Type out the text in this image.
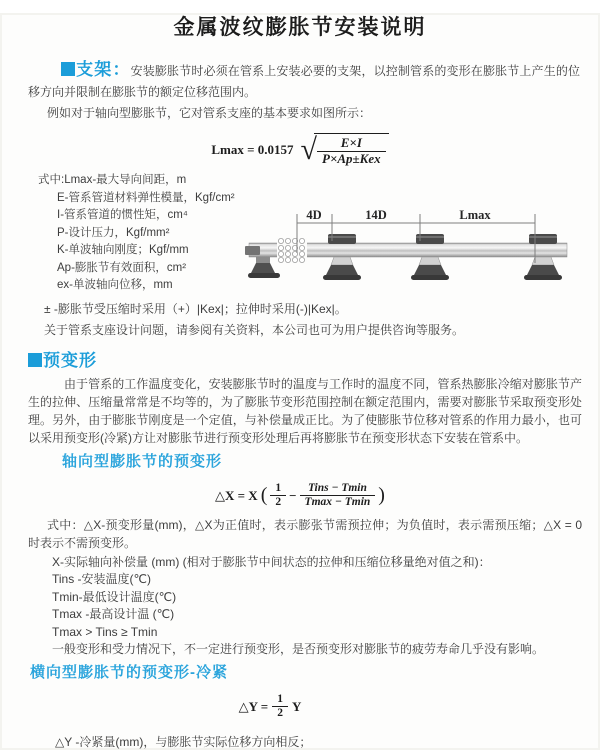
金属波纹膨胀节安装说明

支架：安装膨胀节时必须在管系上安装必要的支架，以控制管系的变形在膨胀节上产生的位移方向并限制在膨胀节的额定位移范围内。

例如对于轴向型膨胀节，它对管系支座的基本要求如图所示：

Lmax = 0.0157 √ $\frac{E\times I}{\text{P×Ap±Kex}}$
式中:Lmax-最大导向间距，m
E-管系管道材料弹性模量，Kgf/cm²
I-管系管道的惯性矩，cm⁴
P-设计压力，Kgf/mm²
K-单波轴向刚度；Kgf/mm
Ap-膨胀节有效面积，cm²
ex-单波轴向位移，mm
4D	14D	Lmax

± -膨胀节受压缩时采用（+）|Kex|；拉伸时采用(-)|Kex|。

关于管系支座设计问题，请参阅有关资料，本公司也可为用户提供咨询等服务。

预变形

由于管系的工作温度变化，安装膨胀节时的温度与工作时的温度不同，管系热膨胀冷缩对膨胀节产生的拉伸、压缩量常常是不均等的，为了膨胀节变形范围控制在额定范围内，需要对膨胀节采取预变形处理。另外，由于膨胀节刚度是一个定值，与补偿量成正比。为了使膨胀节位移对管系的作用力最小，也可以采用预变形(冷紧)方让对膨胀节进行预变形处理后再将膨胀节在预变形状态下安装在管系中。

轴向型膨胀节的预变形
△X = X ( $\frac{1}{2} - \frac{\text{Tins − Tmin}}{Tmax - Tmin}$ )

式中：△X-预变形量(mm)，△X为正值时，表示膨张节需预拉伸；为负值时，表示需预压缩；△X = 0时表示不需预变形。

X-实际轴向补偿量 (mm) (相对于膨胀节中间状态的拉伸和压缩位移量绝对值之和)：
Tins -安装温度(℃)
Tmin-最低设计温度(℃)
Tmax -最高设计温 (℃)
Tmax > Tins ≥ Tmin
一般变形和受力情况下，不一定进行预变形，是否预变形对膨胀节的疲劳寿命几乎没有影响。
横向型膨胀节的预变形-冷紧
△Y = $\frac{1}{2}$ Y

△Y -冷紧量(mm)，与膨胀节实际位移方向相反；
